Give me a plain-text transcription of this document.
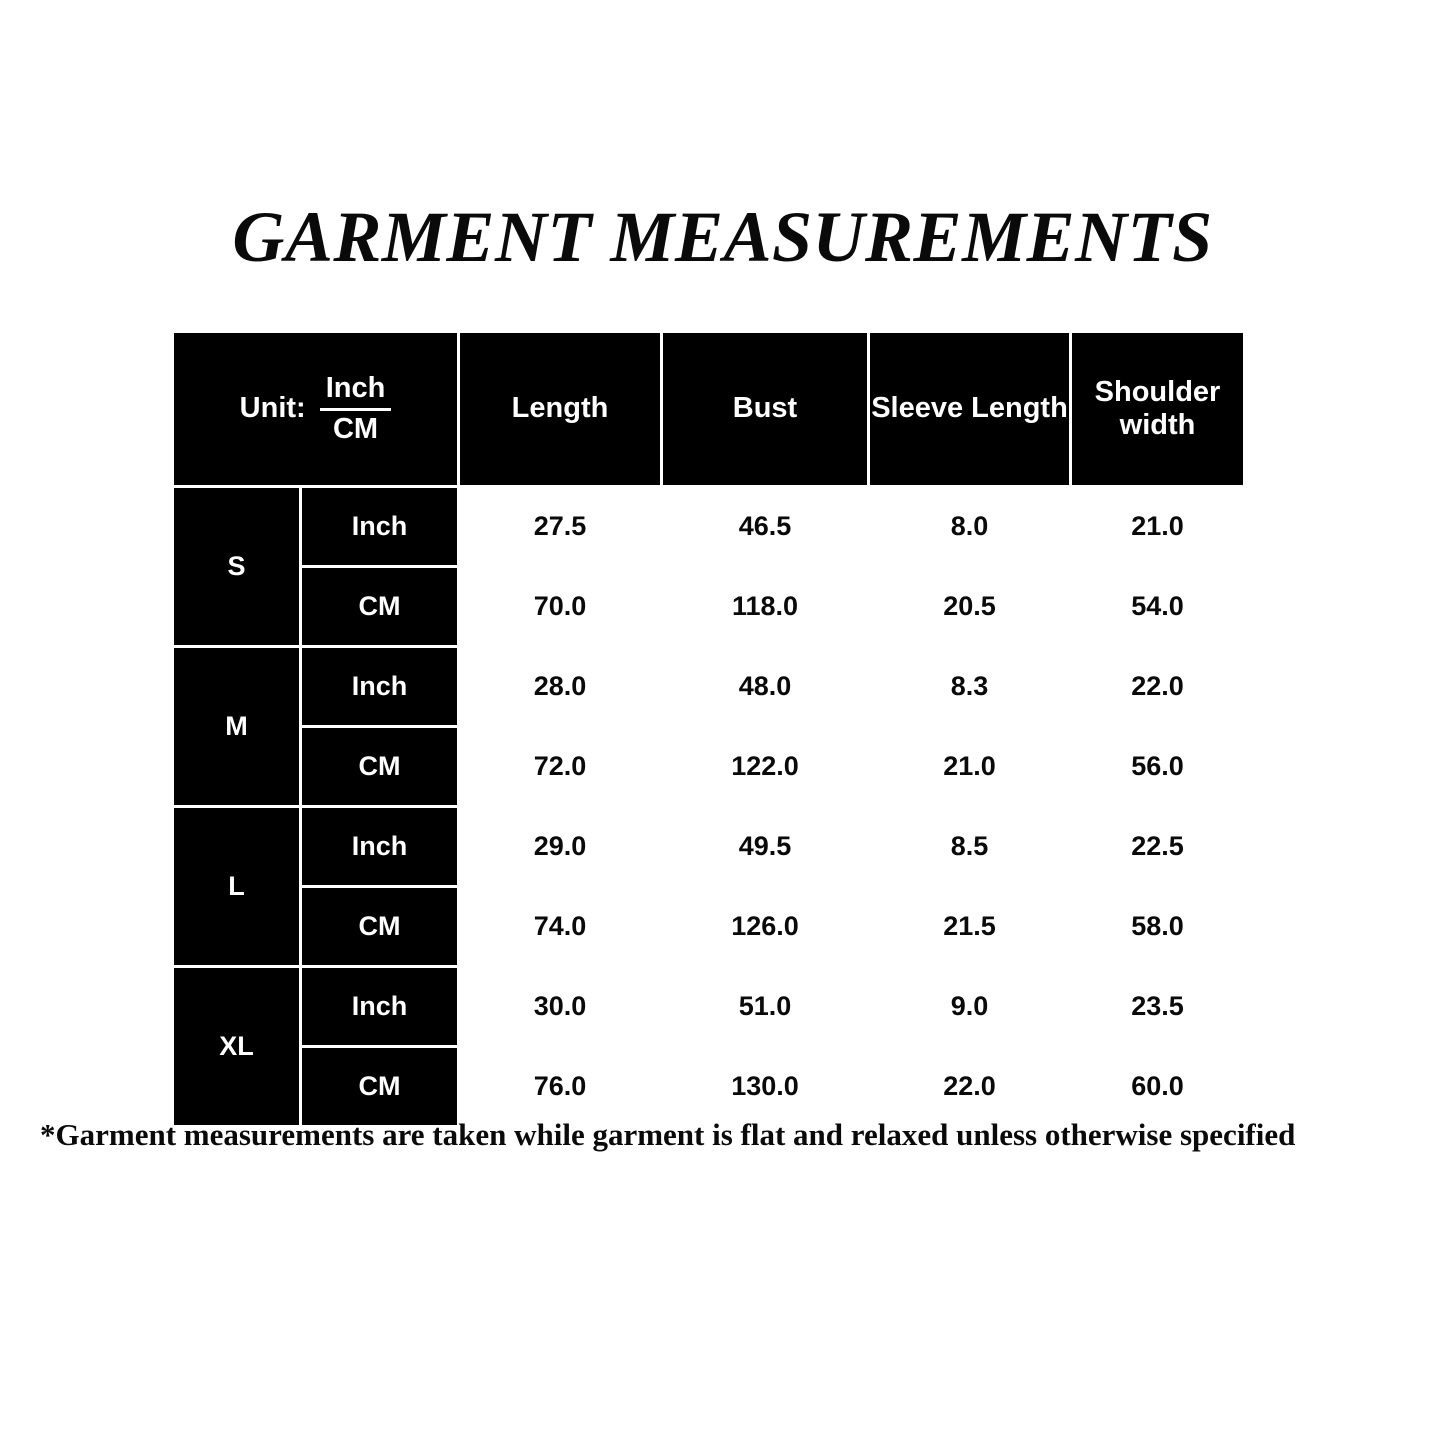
GARMENT MEASUREMENTS
Unit: $\frac{\text{Inch}}{CM}$		Length	Bust	Sleeve Length	Shoulder width
S	Inch	27.5	46.5	8.0	21.0
	CM	70.0	118.0	20.5	54.0
M	Inch	28.0	48.0	8.3	22.0
	CM	72.0	122.0	21.0	56.0
L	Inch	29.0	49.5	8.5	22.5
	CM	74.0	126.0	21.5	58.0
XL	Inch	30.0	51.0	9.0	23.5
	CM	76.0	130.0	22.0	60.0
*Garment measurements are taken while garment is flat and relaxed unless otherwise specified
